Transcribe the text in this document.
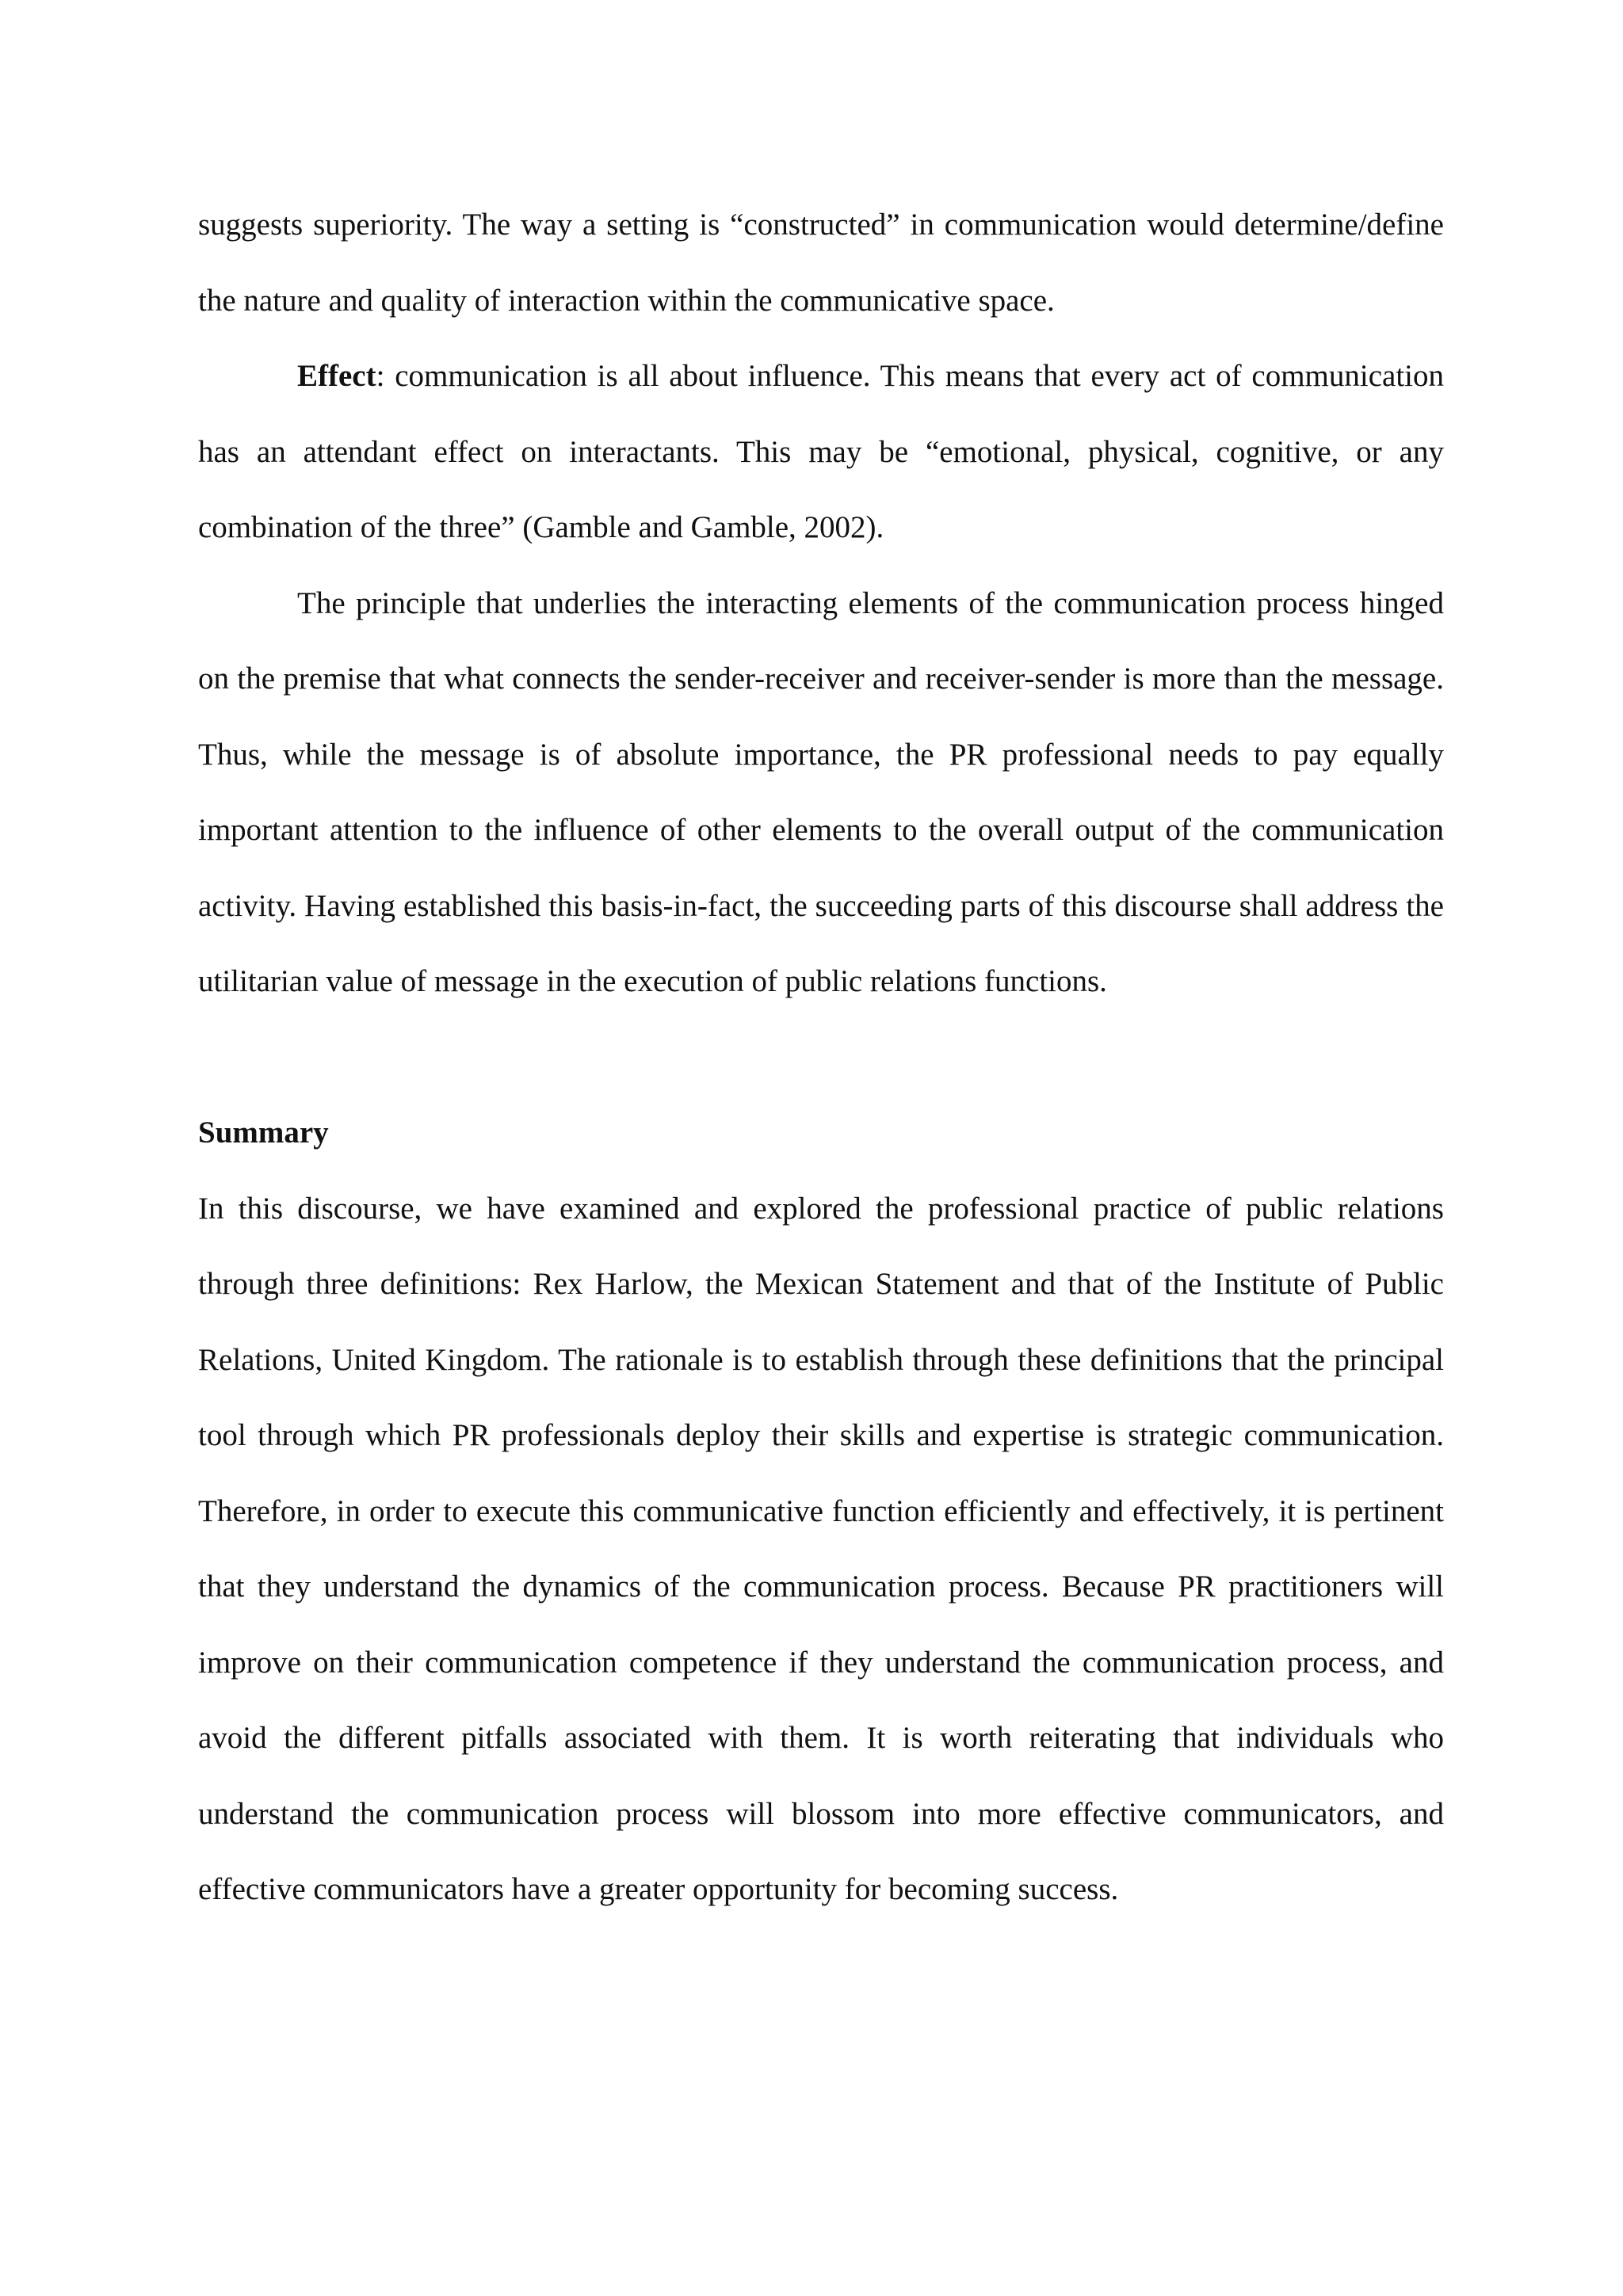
suggests superiority. The way a setting is “constructed” in communication would determine/define the nature and quality of interaction within the communicative space.

Effect: communication is all about influence. This means that every act of communication has an attendant effect on interactants. This may be “emotional, physical, cognitive, or any combination of the three” (Gamble and Gamble, 2002).

The principle that underlies the interacting elements of the communication process hinged on the premise that what connects the sender-receiver and receiver-sender is more than the message. Thus, while the message is of absolute importance, the PR professional needs to pay equally important attention to the influence of other elements to the overall output of the communication activity. Having established this basis-in-fact, the succeeding parts of this discourse shall address the utilitarian value of message in the execution of public relations functions.

Summary

In this discourse, we have examined and explored the professional practice of public relations through three definitions: Rex Harlow, the Mexican Statement and that of the Institute of Public Relations, United Kingdom. The rationale is to establish through these definitions that the principal tool through which PR professionals deploy their skills and expertise is strategic communication. Therefore, in order to execute this communicative function efficiently and effectively, it is pertinent that they understand the dynamics of the communication process. Because PR practitioners will improve on their communication competence if they understand the communication process, and avoid the different pitfalls associated with them. It is worth reiterating that individuals who understand the communication process will blossom into more effective communicators, and effective communicators have a greater opportunity for becoming success.
